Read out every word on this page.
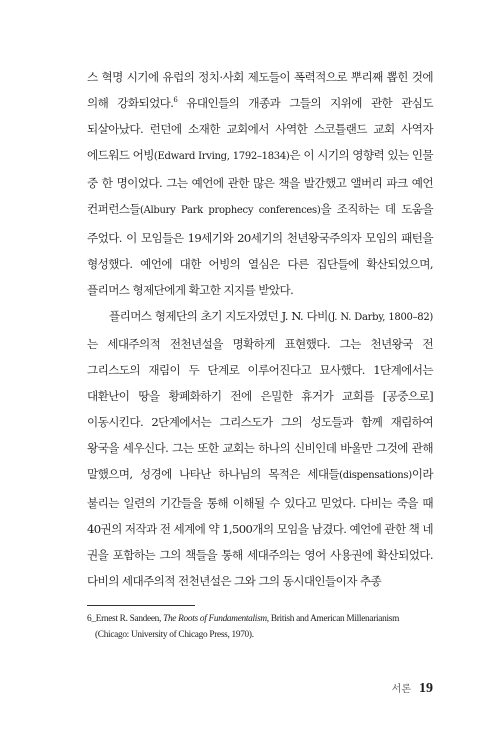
스 혁명 시기에 유럽의 정치·사회 제도들이 폭력적으로 뿌리째 뽑힌 것에 의해 강화되었다.$^6$ 유대인들의 개종과 그들의 지위에 관한 관심도 되살아났다. 런던에 소재한 교회에서 사역한 스코틀랜드 교회 사역자 에드워드 어빙(Edward Irving, 1792–1834)은 이 시기의 영향력 있는 인물 중 한 명이었다. 그는 예언에 관한 많은 책을 발간했고 앨버리 파크 예언 컨퍼런스들(Albury Park prophecy conferences)을 조직하는 데 도움을 주었다. 이 모임들은 19세기와 20세기의 천년왕국주의자 모임의 패턴을 형성했다. 예언에 대한 어빙의 열심은 다른 집단들에 확산되었으며, 플리머스 형제단에게 확고한 지지를 받았다.

플리머스 형제단의 초기 지도자였던 J. N. 다비(J. N. Darby, 1800–82)는 세대주의적 전천년설을 명확하게 표현했다. 그는 천년왕국 전 그리스도의 재림이 두 단계로 이루어진다고 묘사했다. 1단계에서는 대환난이 땅을 황폐화하기 전에 은밀한 휴거가 교회를 [공중으로] 이동시킨다. 2단계에서는 그리스도가 그의 성도들과 함께 재림하여 왕국을 세우신다. 그는 또한 교회는 하나의 신비인데 바울만 그것에 관해 말했으며, 성경에 나타난 하나님의 목적은 세대들(dispensations)이라 불리는 일련의 기간들을 통해 이해될 수 있다고 믿었다. 다비는 죽을 때 40권의 저작과 전 세계에 약 1,500개의 모임을 남겼다. 예언에 관한 책 네 권을 포함하는 그의 책들을 통해 세대주의는 영어 사용권에 확산되었다. 다비의 세대주의적 전천년설은 그와 그의 동시대인들이자 추종

6_Ernest R. Sandeen, The Roots of Fundamentalism, British and American Millenarianism
(Chicago: University of Chicago Press, 1970).
서론 19
